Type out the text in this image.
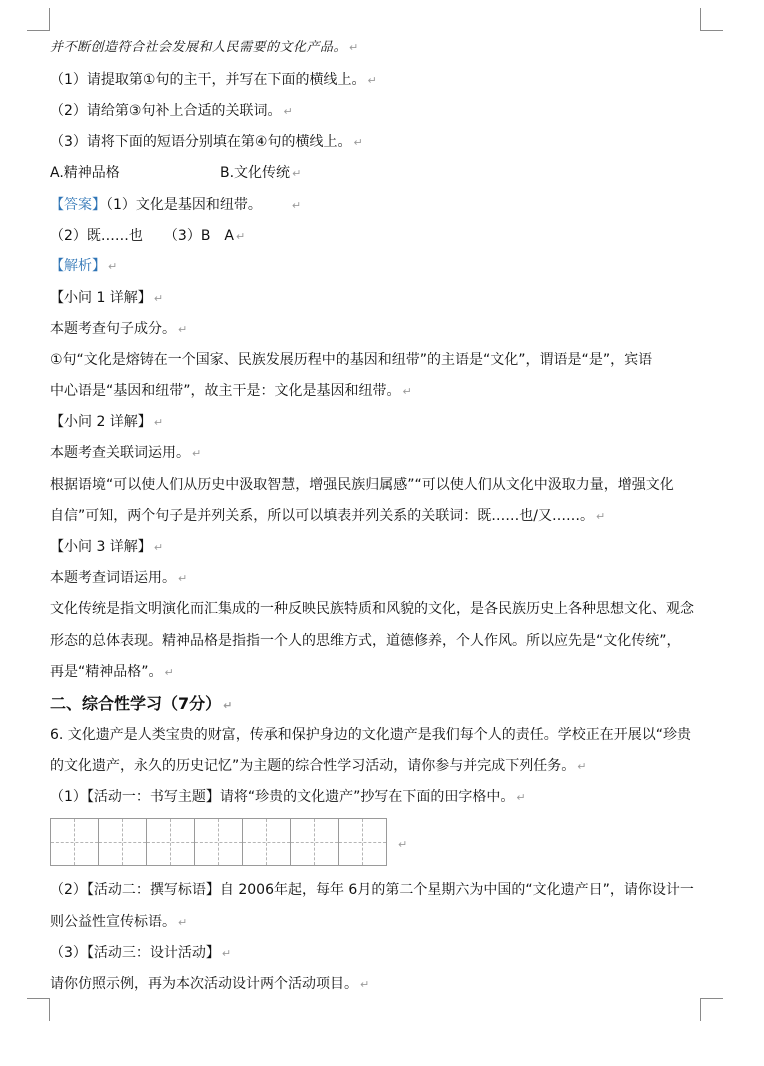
并不断创造符合社会发展和人民需要的文化产品。 ↵
（1）请提取第①句的主干，并写在下面的横线上。 ↵
（2）请给第③句补上合适的关联词。 ↵
（3）请将下面的短语分别填在第④句的横线上。 ↵
A.精神品格	B.文化传统 ↵
【答案】（1）文化是基因和纽带。	↵
（2）既……也　　（3）B　A ↵
【解析】 ↵
【小问 1 详解】 ↵
本题考查句子成分。 ↵
①句“文化是熔铸在一个国家、民族发展历程中的基因和纽带”的主语是“文化”，谓语是“是”，宾语
中心语是“基因和纽带”，故主干是：文化是基因和纽带。 ↵
【小问 2 详解】 ↵
本题考查关联词运用。 ↵
根据语境“可以使人们从历史中汲取智慧，增强民族归属感”“可以使人们从文化中汲取力量，增强文化
自信”可知，两个句子是并列关系，所以可以填表并列关系的关联词：既……也/又……。 ↵
【小问 3 详解】 ↵
本题考查词语运用。 ↵
文化传统是指文明演化而汇集成的一种反映民族特质和风貌的文化，是各民族历史上各种思想文化、观念
形态的总体表现。精神品格是指指一个人的思维方式，道德修养，个人作风。所以应先是“文化传统”，
再是“精神品格”。 ↵
二、综合性学习（7分） ↵
6. 文化遗产是人类宝贵的财富，传承和保护身边的文化遗产是我们每个人的责任。学校正在开展以“珍贵
的文化遗产，永久的历史记忆”为主题的综合性学习活动，请你参与并完成下列任务。 ↵
（1）【活动一：书写主题】请将“珍贵的文化遗产”抄写在下面的田字格中。 ↵
↵
（2）【活动二：撰写标语】自 2006年起，每年 6月的第二个星期六为中国的“文化遗产日”，请你设计一
则公益性宣传标语。 ↵
（3）【活动三：设计活动】 ↵
请你仿照示例，再为本次活动设计两个活动项目。 ↵
